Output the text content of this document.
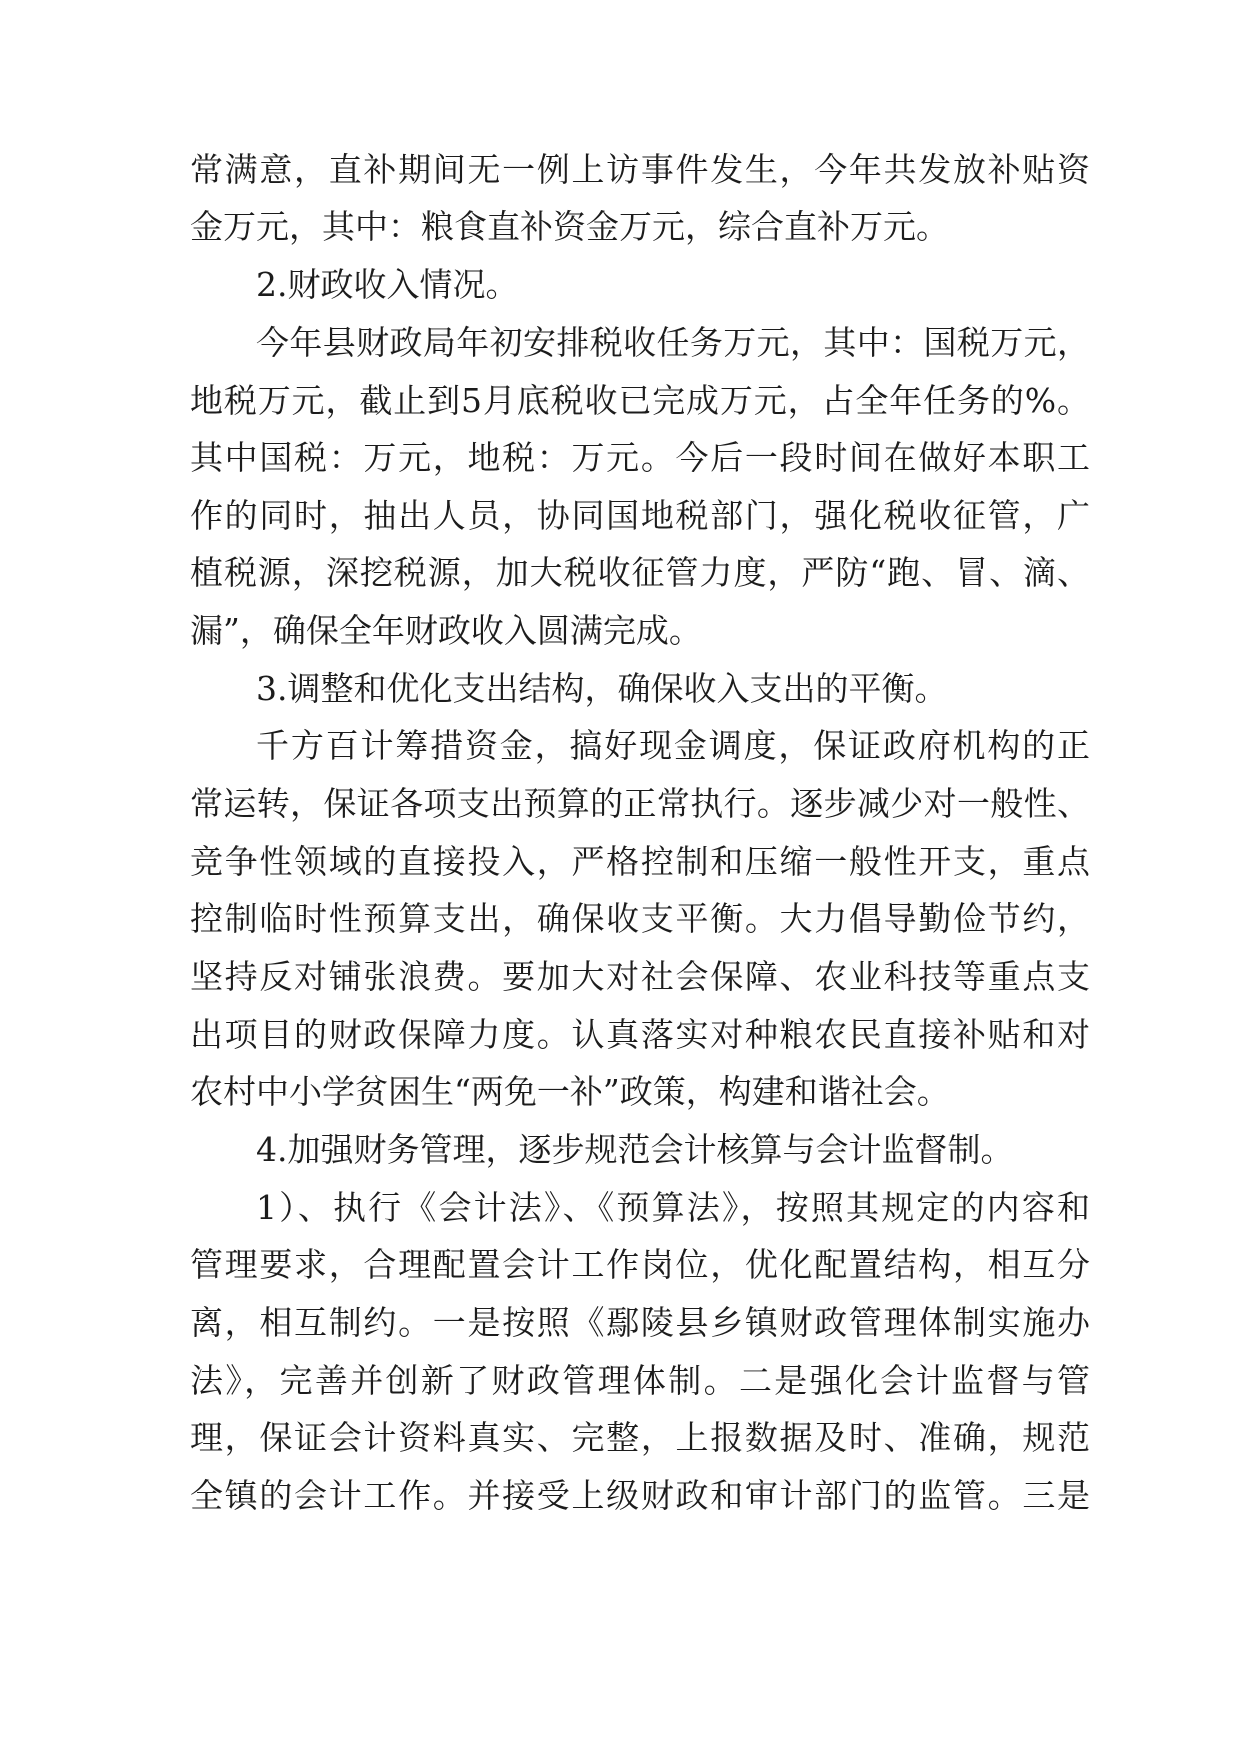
常满意，直补期间无一例上访事件发生，今年共发放补贴资
金万元，其中：粮食直补资金万元，综合直补万元。
2.财政收入情况。
今年县财政局年初安排税收任务万元，其中：国税万元，
地税万元，截止到5月底税收已完成万元，占全年任务的%。
其中国税：万元，地税：万元。今后一段时间在做好本职工
作的同时，抽出人员，协同国地税部门，强化税收征管，广
植税源，深挖税源，加大税收征管力度，严防“跑、冒、滴、
漏”，确保全年财政收入圆满完成。
3.调整和优化支出结构，确保收入支出的平衡。
千方百计筹措资金，搞好现金调度，保证政府机构的正
常运转，保证各项支出预算的正常执行。逐步减少对一般性、
竞争性领域的直接投入，严格控制和压缩一般性开支，重点
控制临时性预算支出，确保收支平衡。大力倡导勤俭节约，
坚持反对铺张浪费。要加大对社会保障、农业科技等重点支
出项目的财政保障力度。认真落实对种粮农民直接补贴和对
农村中小学贫困生“两免一补”政策，构建和谐社会。
4.加强财务管理，逐步规范会计核算与会计监督制。
1）、执行《会计法》、《预算法》，按照其规定的内容和
管理要求，合理配置会计工作岗位，优化配置结构，相互分
离，相互制约。一是按照《鄢陵县乡镇财政管理体制实施办
法》，完善并创新了财政管理体制。二是强化会计监督与管
理，保证会计资料真实、完整，上报数据及时、准确，规范
全镇的会计工作。并接受上级财政和审计部门的监管。三是
